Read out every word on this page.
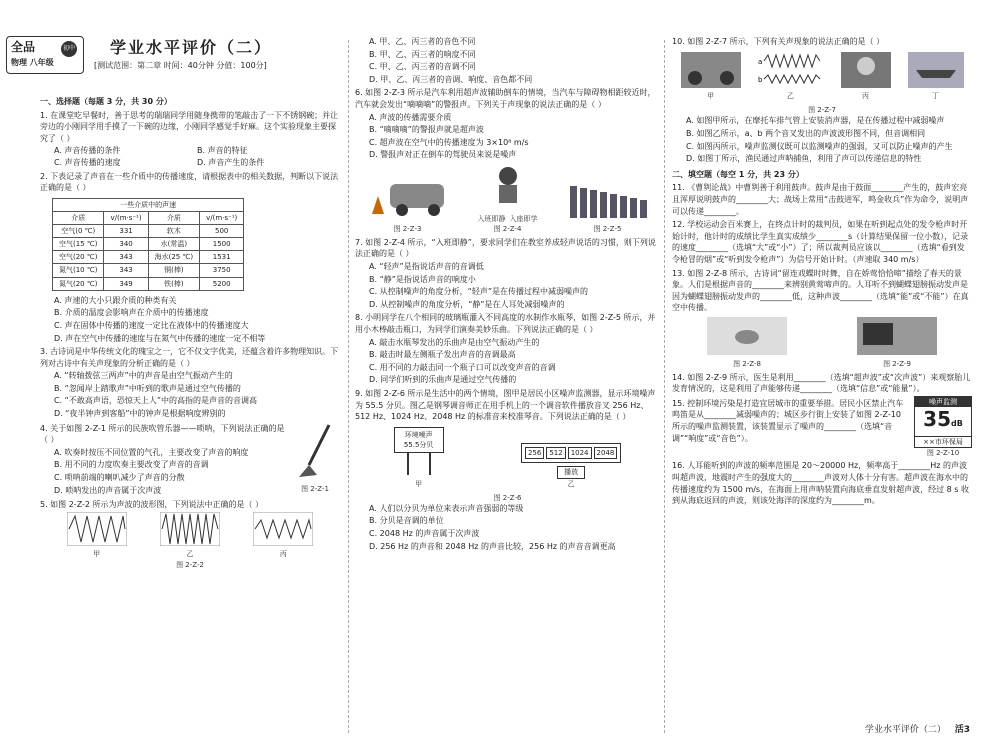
全品	初中
物理 八年级
学业水平评价（二）
[测试范围：第二章 时间：40分钟 分值：100分]

一、选择题（每题 3 分，共 30 分）

1. 在课堂吃早餐时，善于思考的瑞瑞同学用随身携带的笔敲击了一下不锈钢碗；并让旁边的小刚同学用手摸了一下碗的边缘，小刚同学感觉手好麻。这个实验现象主要探究了（ ）

A. 声音传播的条件	B. 声音的特征
C. 声音传播的速度	D. 声音产生的条件

2. 下表记录了声音在一些介质中的传播速度，请根据表中的相关数据，判断以下说法正确的是（ ）

一些介质中的声速			
介质	v/(m·s⁻¹)	介质	v/(m·s⁻¹)
空气(0 ℃)	331	软木	500
空气(15 ℃)	340	水(常温)	1500
空气(20 ℃)	343	海水(25 ℃)	1531
氮气(10 ℃)	343	铜(棒)	3750
氮气(20 ℃)	349	铁(棒)	5200

A. 声速的大小只跟介质的种类有关

B. 介质的温度会影响声在介质中的传播速度

C. 声在固体中传播的速度一定比在液体中的传播速度大

D. 声在空气中传播的速度与在氮气中传播的速度一定不相等

3. 古诗词是中华传统文化的瑰宝之一，它不仅文字优美，还蕴含着许多物理知识。下列对古诗中有关声现象的分析正确的是（ ）

A. “转轴拨弦三两声”中的声音是由空气振动产生的

B. “忽闻岸上踏歌声”中听到的歌声是通过空气传播的

C. “不敢高声语，恐惊天上人”中的高指的是声音的音调高

D. “夜半钟声到客船”中的钟声是根据响度辨别的

4. 关于如图 2-Z-1 所示的民族吹管乐器——唢呐，下列说法正确的是（ ）

A. 吹奏时按压不同位置的气孔，主要改变了声音的响度

B. 用不同的力度吹奏主要改变了声音的音调

C. 唢呐前端的喇叭减少了声音的分散

D. 唢呐发出的声音属于次声波	图 2-Z-1

5. 如图 2-Z-2 所示为声波的波形图，下列说法中正确的是（ ）

甲	乙	丙
图 2-Z-2

A. 甲、乙、丙三者的音色不同

B. 甲、乙、丙三者的响度不同

C. 甲、乙、丙三者的音调不同

D. 甲、乙、丙三者的音调、响度、音色都不同

6. 如图 2-Z-3 所示是汽车利用超声波辅助倒车的情境，当汽车与障碍物相距较近时，汽车就会发出“嘀嘀嘀”的警报声。下列关于声现象的说法正确的是（ ）

A. 声波的传播需要介质

B. “嘀嘀嘀”的警报声就是超声波

C. 超声波在空气中的传播速度为 3×10⁸ m/s

D. 警报声对正在倒车的驾驶员来说是噪声

图 2-Z-3
入班即静 入座即学
图 2-Z-4	图 2-Z-5

7. 如图 2-Z-4 所示，“入班即静”，要求同学们在教室养成轻声说话的习惯，则下列说法正确的是（ ）

A. “轻声”是指说话声音的音调低

B. “静”是指说话声音的响度小

C. 从控制噪声的角度分析，“轻声”是在传播过程中减弱噪声的

D. 从控制噪声的角度分析，“静”是在人耳处减弱噪声的

8. 小明同学在八个相同的玻璃瓶灌入不同高度的水制作水瓶琴，如图 2-Z-5 所示，并用小木棒敲击瓶口，为同学们演奏美妙乐曲。下列说法正确的是（ ）

A. 敲击水瓶琴发出的乐曲声是由空气振动产生的

B. 敲击时最左侧瓶子发出声音的音调最高

C. 用不同的力敲击同一个瓶子口可以改变声音的音调

D. 同学们听到的乐曲声是通过空气传播的

9. 如图 2-Z-6 所示是生活中的两个情境，图甲是居民小区噪声监测器，显示环境噪声为 55.5 分贝。图乙是钢琴调音师正在用手机上的一个调音软件播放音叉 256 Hz、512 Hz、1024 Hz、2048 Hz 的标准音来校准琴音。下列说法正确的是（ ）

环境噪声
55.5分贝
甲
256	512	1024	2048
播放
乙
图 2-Z-6

A. 人们以分贝为单位来表示声音强弱的等级

B. 分贝是音调的单位

C. 2048 Hz 的声音属于次声波

D. 256 Hz 的声音和 2048 Hz 的声音比较，256 Hz 的声音音调更高

10. 如图 2-Z-7 所示，下列有关声现象的说法正确的是（ ）

甲
a
b
乙	丙	丁
图 2-Z-7

A. 如图甲所示，在摩托车排气管上安装消声器，是在传播过程中减弱噪声

B. 如图乙所示，a、b 两个音叉发出的声波波形图不同，但音调相同

C. 如图丙所示，噪声监测仪既可以监测噪声的强弱，又可以防止噪声的产生

D. 如图丁所示，渔民通过声呐捕鱼，利用了声可以传递信息的特性

二、填空题（每空 1 分，共 23 分）

11. 《曹刿论战》中曹刿善于利用鼓声。鼓声是由于鼓面________产生的，鼓声宏亮且浑厚说明鼓声的________大；战场上常用“击鼓进军，鸣金收兵”作为命令，说明声可以传递________。

12. 学校运动会百米赛上，在终点计时的裁判员，如果在听到起点处的发令枪声时开始计时，他计时的成绩比学生真实成绩少________s（计算结果保留一位小数），记录的速度________（选填“大”或“小”）了；所以裁判员应该以________（选填“看到发令枪冒的烟”或“听到发令枪声”）为信号开始计时。（声速取 340 m/s）

13. 如图 2-Z-8 所示，古诗词“留连戏蝶时时舞，自在娇莺恰恰啼”描绘了春天的景象。人们是根据声音的________来辨别黄莺啼声的。人耳听不到蝴蝶翅膀振动发声是因为蝴蝶翅膀振动发声的________低，这种声波________（选填“能”或“不能”）在真空中传播。

图 2-Z-8	图 2-Z-9

14. 如图 2-Z-9 所示，医生是利用________（选填“超声波”或“次声波”）来观察胎儿发育情况的，这是利用了声能够传递________（选填“信息”或“能量”）。

15. 控制环境污染是打造宜居城市的重要举措。居民小区禁止汽车鸣笛是从________减弱噪声的；城区步行街上安装了如图 2-Z-10 所示的噪声监测装置，该装置显示了噪声的________（选填“音调”“响度”或“音色”）。

噪声监测
35dB
××市环保局
图 2-Z-10

16. 人耳能听到的声波的频率范围是 20～20000 Hz，频率高于________Hz 的声波叫超声波，地震时产生的强度大的________声波对人体十分有害。超声波在海水中的传播速度约为 1500 m/s，在海面上用声呐装置向海底垂直发射超声波，经过 8 s 收到从海底返回的声波，则该处海洋的深度约为________m。

学业水平评价（二） 活3
